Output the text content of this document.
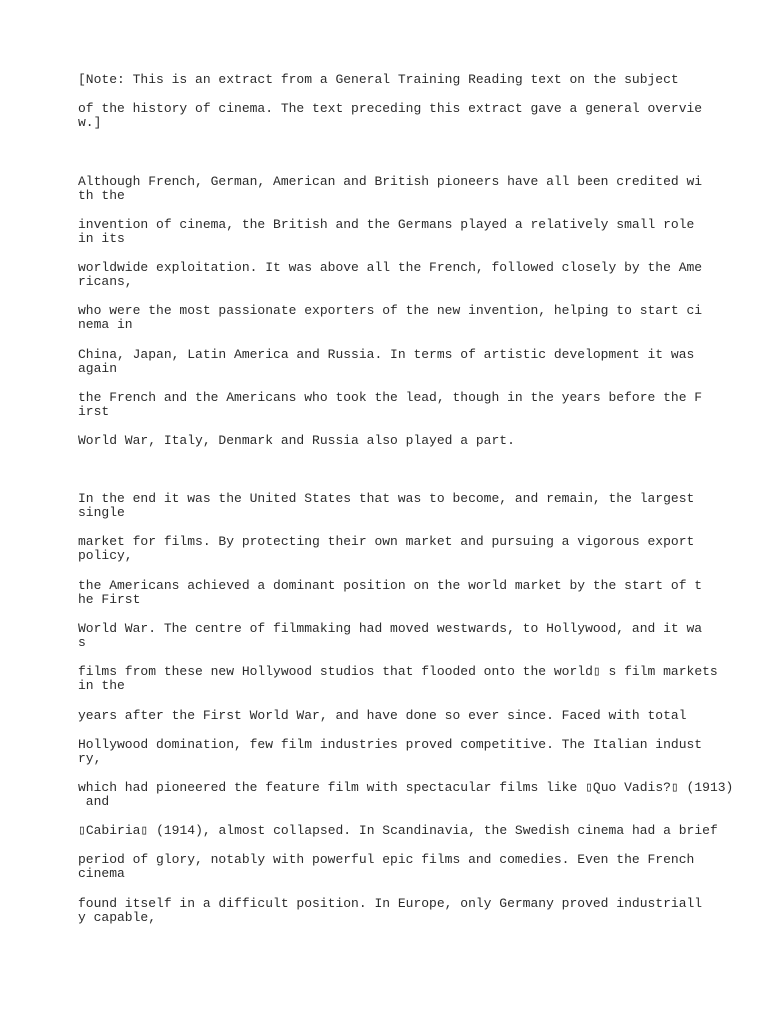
[Note: This is an extract from a General Training Reading text on the subject

of the history of cinema. The text preceding this extract gave a general overvie
w.]

Although French, German, American and British pioneers have all been credited wi
th the

invention of cinema, the British and the Germans played a relatively small role
in its

worldwide exploitation. It was above all the French, followed closely by the Ame
ricans,

who were the most passionate exporters of the new invention, helping to start ci
nema in

China, Japan, Latin America and Russia. In terms of artistic development it was
again

the French and the Americans who took the lead, though in the years before the F
irst

World War, Italy, Denmark and Russia also played a part.

In the end it was the United States that was to become, and remain, the largest
single

market for films. By protecting their own market and pursuing a vigorous export
policy,

the Americans achieved a dominant position on the world market by the start of t
he First

World War. The centre of filmmaking had moved westwards, to Hollywood, and it wa
s

films from these new Hollywood studios that flooded onto the world▯ s film markets
in the

years after the First World War, and have done so ever since. Faced with total

Hollywood domination, few film industries proved competitive. The Italian indust
ry,

which had pioneered the feature film with spectacular films like ▯Quo Vadis?▯ (1913)
and

▯Cabiria▯ (1914), almost collapsed. In Scandinavia, the Swedish cinema had a brief

period of glory, notably with powerful epic films and comedies. Even the French
cinema

found itself in a difficult position. In Europe, only Germany proved industriall
y capable,
